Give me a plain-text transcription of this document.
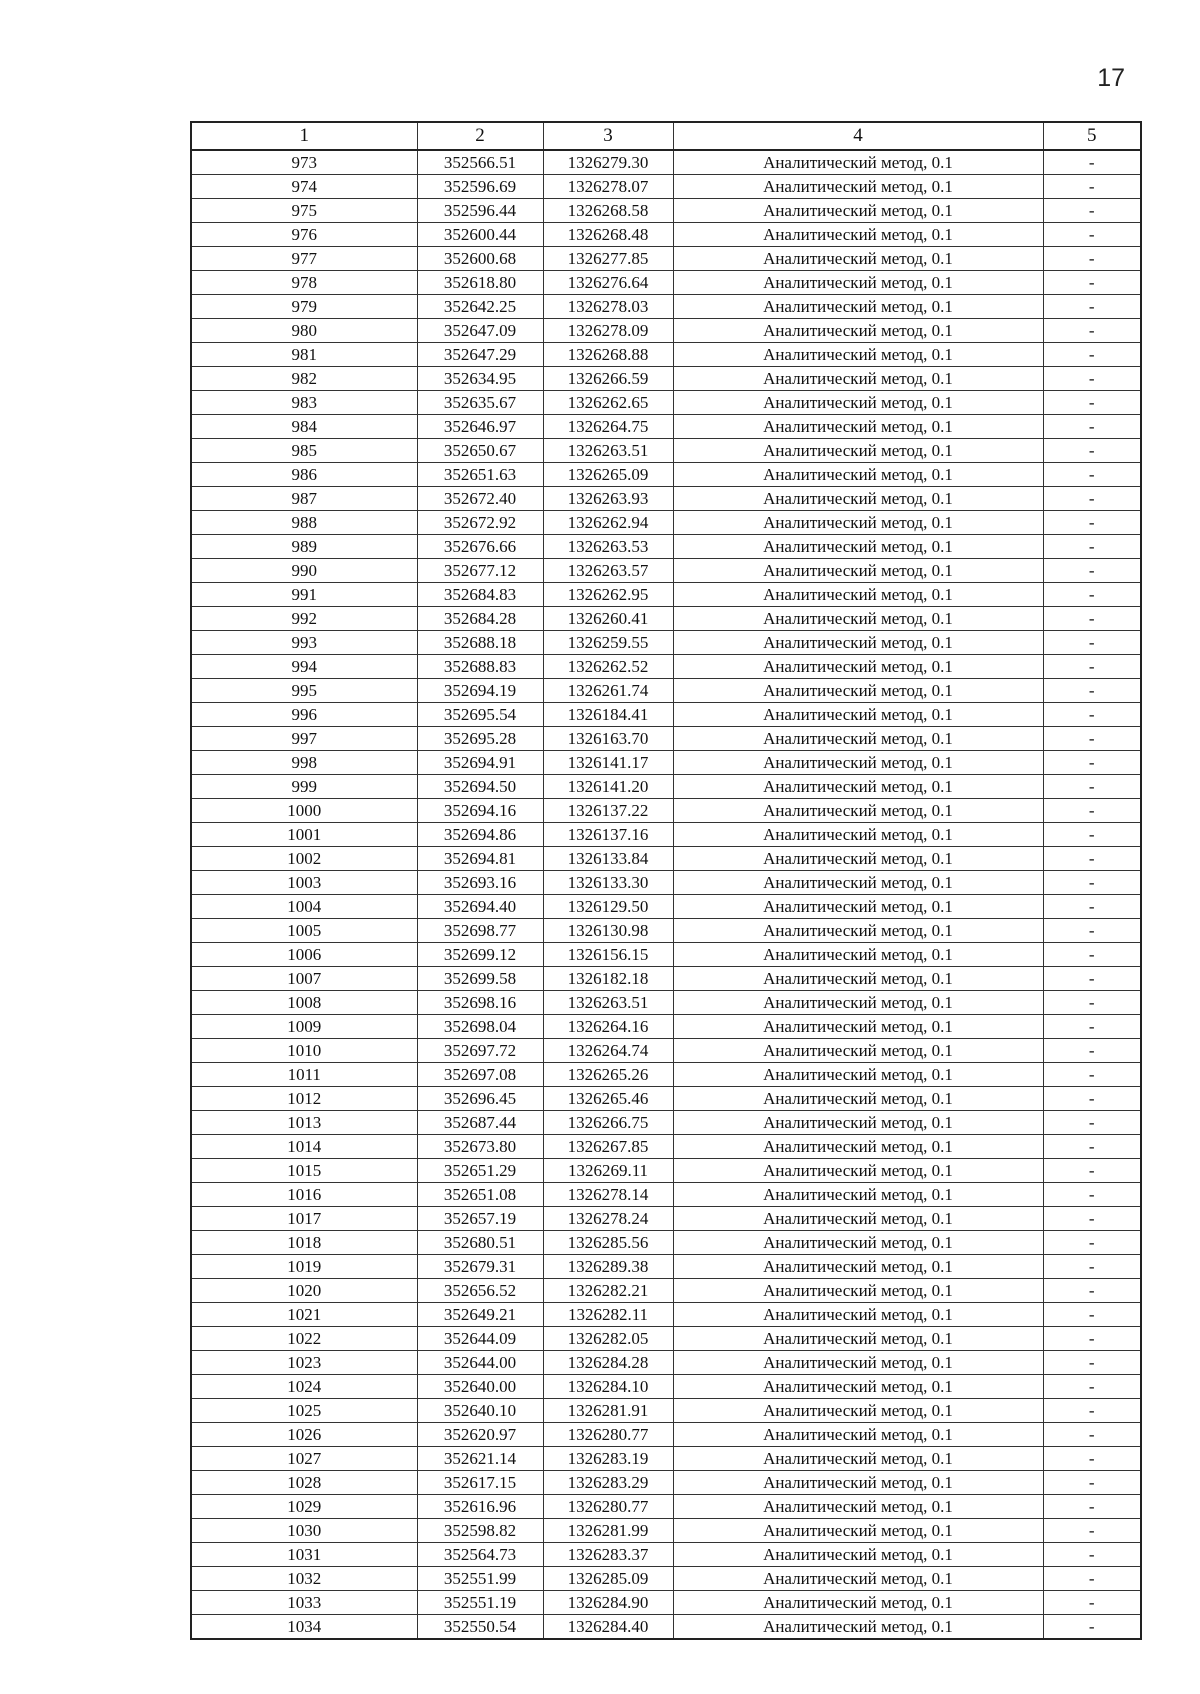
17
1	2	3	4	5
973	352566.51	1326279.30	Аналитический метод, 0.1	-
974	352596.69	1326278.07	Аналитический метод, 0.1	-
975	352596.44	1326268.58	Аналитический метод, 0.1	-
976	352600.44	1326268.48	Аналитический метод, 0.1	-
977	352600.68	1326277.85	Аналитический метод, 0.1	-
978	352618.80	1326276.64	Аналитический метод, 0.1	-
979	352642.25	1326278.03	Аналитический метод, 0.1	-
980	352647.09	1326278.09	Аналитический метод, 0.1	-
981	352647.29	1326268.88	Аналитический метод, 0.1	-
982	352634.95	1326266.59	Аналитический метод, 0.1	-
983	352635.67	1326262.65	Аналитический метод, 0.1	-
984	352646.97	1326264.75	Аналитический метод, 0.1	-
985	352650.67	1326263.51	Аналитический метод, 0.1	-
986	352651.63	1326265.09	Аналитический метод, 0.1	-
987	352672.40	1326263.93	Аналитический метод, 0.1	-
988	352672.92	1326262.94	Аналитический метод, 0.1	-
989	352676.66	1326263.53	Аналитический метод, 0.1	-
990	352677.12	1326263.57	Аналитический метод, 0.1	-
991	352684.83	1326262.95	Аналитический метод, 0.1	-
992	352684.28	1326260.41	Аналитический метод, 0.1	-
993	352688.18	1326259.55	Аналитический метод, 0.1	-
994	352688.83	1326262.52	Аналитический метод, 0.1	-
995	352694.19	1326261.74	Аналитический метод, 0.1	-
996	352695.54	1326184.41	Аналитический метод, 0.1	-
997	352695.28	1326163.70	Аналитический метод, 0.1	-
998	352694.91	1326141.17	Аналитический метод, 0.1	-
999	352694.50	1326141.20	Аналитический метод, 0.1	-
1000	352694.16	1326137.22	Аналитический метод, 0.1	-
1001	352694.86	1326137.16	Аналитический метод, 0.1	-
1002	352694.81	1326133.84	Аналитический метод, 0.1	-
1003	352693.16	1326133.30	Аналитический метод, 0.1	-
1004	352694.40	1326129.50	Аналитический метод, 0.1	-
1005	352698.77	1326130.98	Аналитический метод, 0.1	-
1006	352699.12	1326156.15	Аналитический метод, 0.1	-
1007	352699.58	1326182.18	Аналитический метод, 0.1	-
1008	352698.16	1326263.51	Аналитический метод, 0.1	-
1009	352698.04	1326264.16	Аналитический метод, 0.1	-
1010	352697.72	1326264.74	Аналитический метод, 0.1	-
1011	352697.08	1326265.26	Аналитический метод, 0.1	-
1012	352696.45	1326265.46	Аналитический метод, 0.1	-
1013	352687.44	1326266.75	Аналитический метод, 0.1	-
1014	352673.80	1326267.85	Аналитический метод, 0.1	-
1015	352651.29	1326269.11	Аналитический метод, 0.1	-
1016	352651.08	1326278.14	Аналитический метод, 0.1	-
1017	352657.19	1326278.24	Аналитический метод, 0.1	-
1018	352680.51	1326285.56	Аналитический метод, 0.1	-
1019	352679.31	1326289.38	Аналитический метод, 0.1	-
1020	352656.52	1326282.21	Аналитический метод, 0.1	-
1021	352649.21	1326282.11	Аналитический метод, 0.1	-
1022	352644.09	1326282.05	Аналитический метод, 0.1	-
1023	352644.00	1326284.28	Аналитический метод, 0.1	-
1024	352640.00	1326284.10	Аналитический метод, 0.1	-
1025	352640.10	1326281.91	Аналитический метод, 0.1	-
1026	352620.97	1326280.77	Аналитический метод, 0.1	-
1027	352621.14	1326283.19	Аналитический метод, 0.1	-
1028	352617.15	1326283.29	Аналитический метод, 0.1	-
1029	352616.96	1326280.77	Аналитический метод, 0.1	-
1030	352598.82	1326281.99	Аналитический метод, 0.1	-
1031	352564.73	1326283.37	Аналитический метод, 0.1	-
1032	352551.99	1326285.09	Аналитический метод, 0.1	-
1033	352551.19	1326284.90	Аналитический метод, 0.1	-
1034	352550.54	1326284.40	Аналитический метод, 0.1	-
